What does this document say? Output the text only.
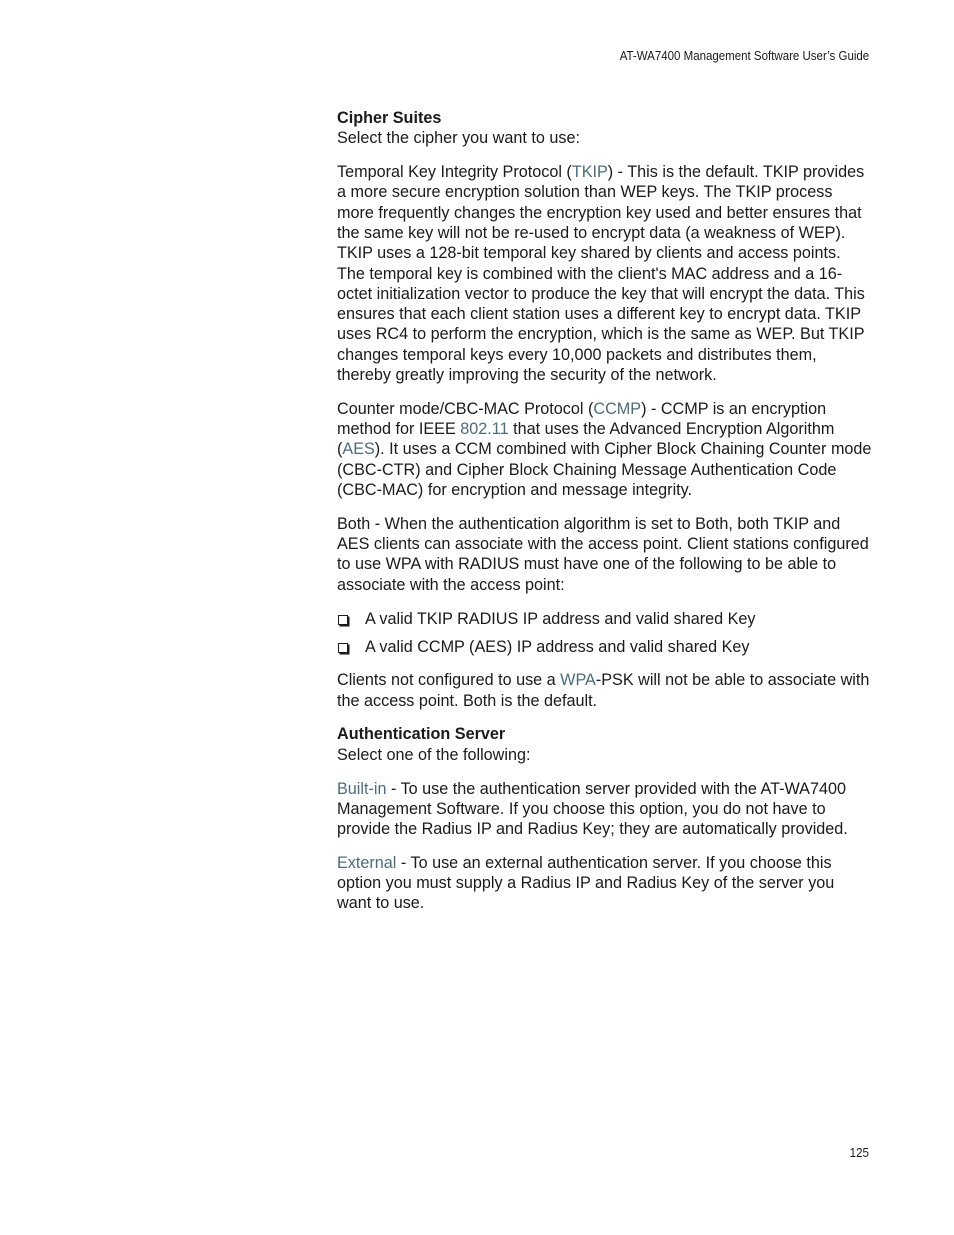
AT-WA7400 Management Software User’s Guide
Cipher Suites

Select the cipher you want to use:

Temporal Key Integrity Protocol (TKIP) - This is the default. TKIP provides a more secure encryption solution than WEP keys. The TKIP process more frequently changes the encryption key used and better ensures that the same key will not be re-used to encrypt data (a weakness of WEP). TKIP uses a 128-bit temporal key shared by clients and access points. The temporal key is combined with the client's MAC address and a 16-octet initialization vector to produce the key that will encrypt the data. This ensures that each client station uses a different key to encrypt data. TKIP uses RC4 to perform the encryption, which is the same as WEP. But TKIP changes temporal keys every 10,000 packets and distributes them, thereby greatly improving the security of the network.

Counter mode/CBC-MAC Protocol (CCMP) - CCMP is an encryption method for IEEE 802.11 that uses the Advanced Encryption Algorithm (AES). It uses a CCM combined with Cipher Block Chaining Counter mode (CBC-CTR) and Cipher Block Chaining Message Authentication Code (CBC-MAC) for encryption and message integrity.

Both - When the authentication algorithm is set to Both, both TKIP and AES clients can associate with the access point. Client stations configured to use WPA with RADIUS must have one of the following to be able to associate with the access point:

A valid TKIP RADIUS IP address and valid shared Key
A valid CCMP (AES) IP address and valid shared Key

Clients not configured to use a WPA-PSK will not be able to associate with the access point. Both is the default.

Authentication Server

Select one of the following:

Built-in - To use the authentication server provided with the AT-WA7400 Management Software. If you choose this option, you do not have to provide the Radius IP and Radius Key; they are automatically provided.

External - To use an external authentication server. If you choose this option you must supply a Radius IP and Radius Key of the server you want to use.

125
